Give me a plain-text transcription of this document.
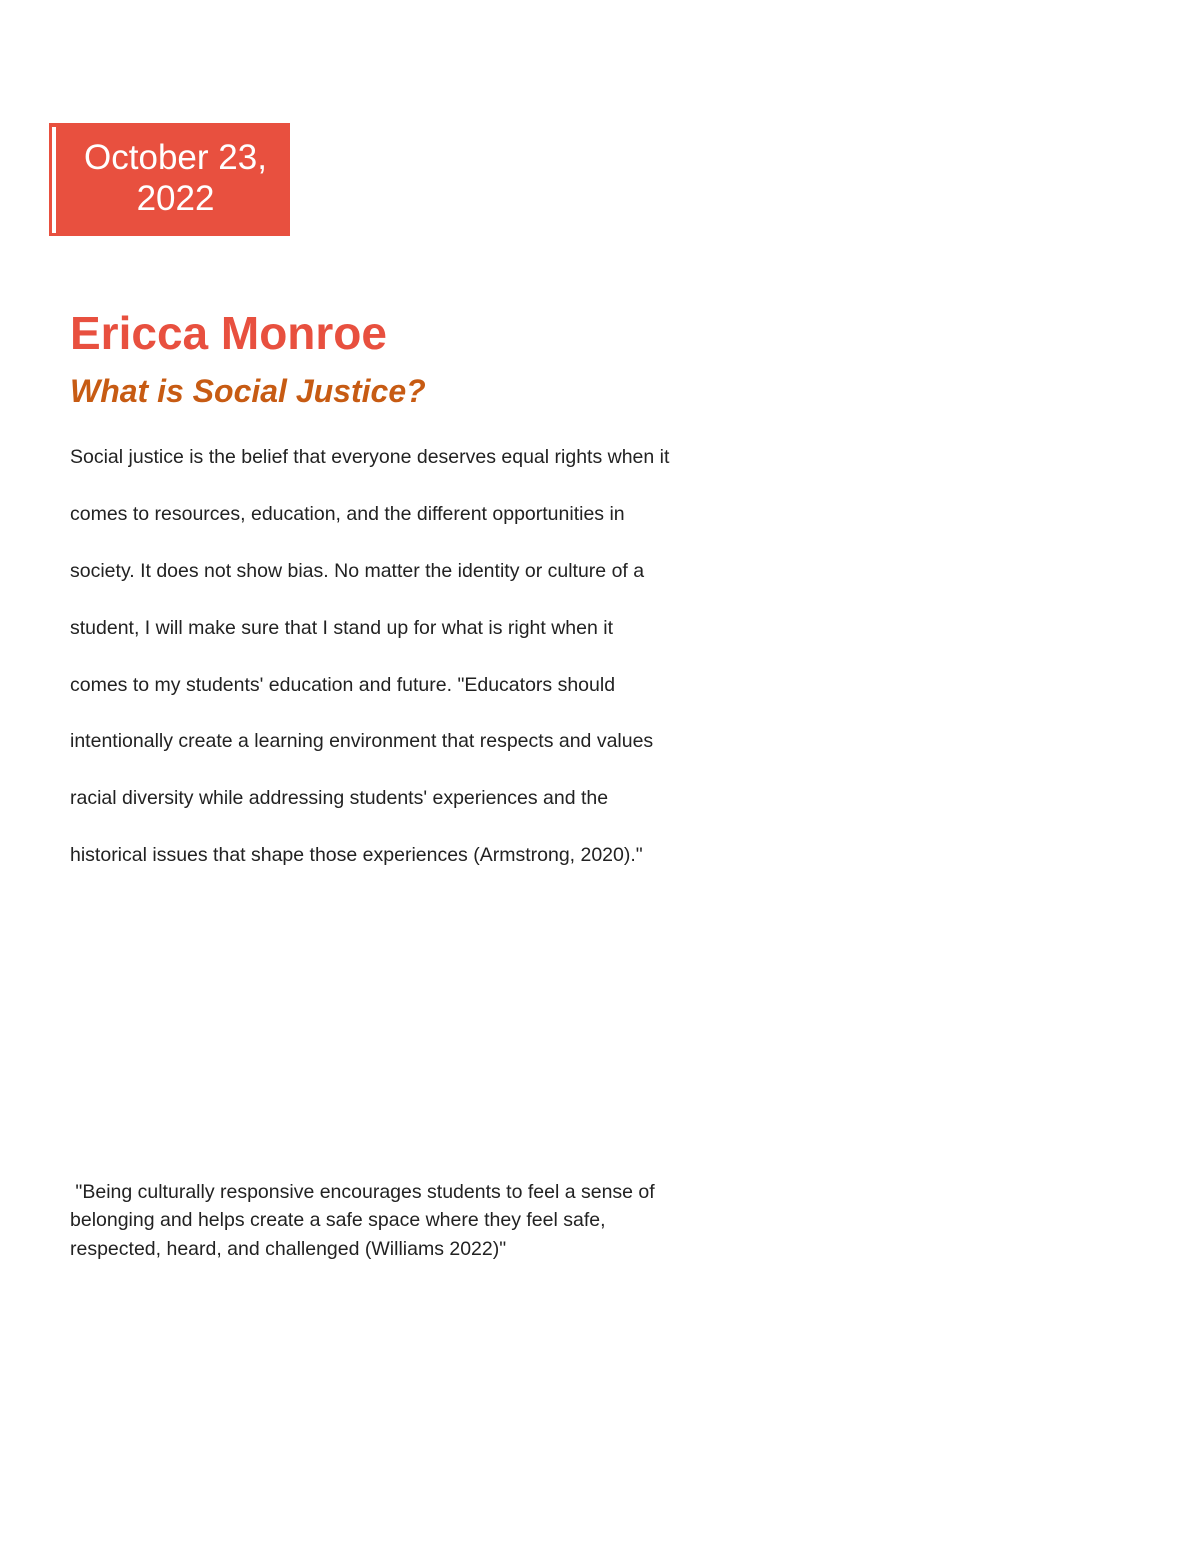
October 23,
2022
Ericca Monroe
What is Social Justice?
Social justice is the belief that everyone deserves equal rights when it
comes to resources, education, and the different opportunities in
society. It does not show bias. No matter the identity or culture of a
student, I will make sure that I stand up for what is right when it
comes to my students' education and future. "Educators should
intentionally create a learning environment that respects and values
racial diversity while addressing students' experiences and the
historical issues that shape those experiences (Armstrong, 2020)."
"Being culturally responsive encourages students to feel a sense of
belonging and helps create a safe space where they feel safe,
respected, heard, and challenged (Williams 2022)"
